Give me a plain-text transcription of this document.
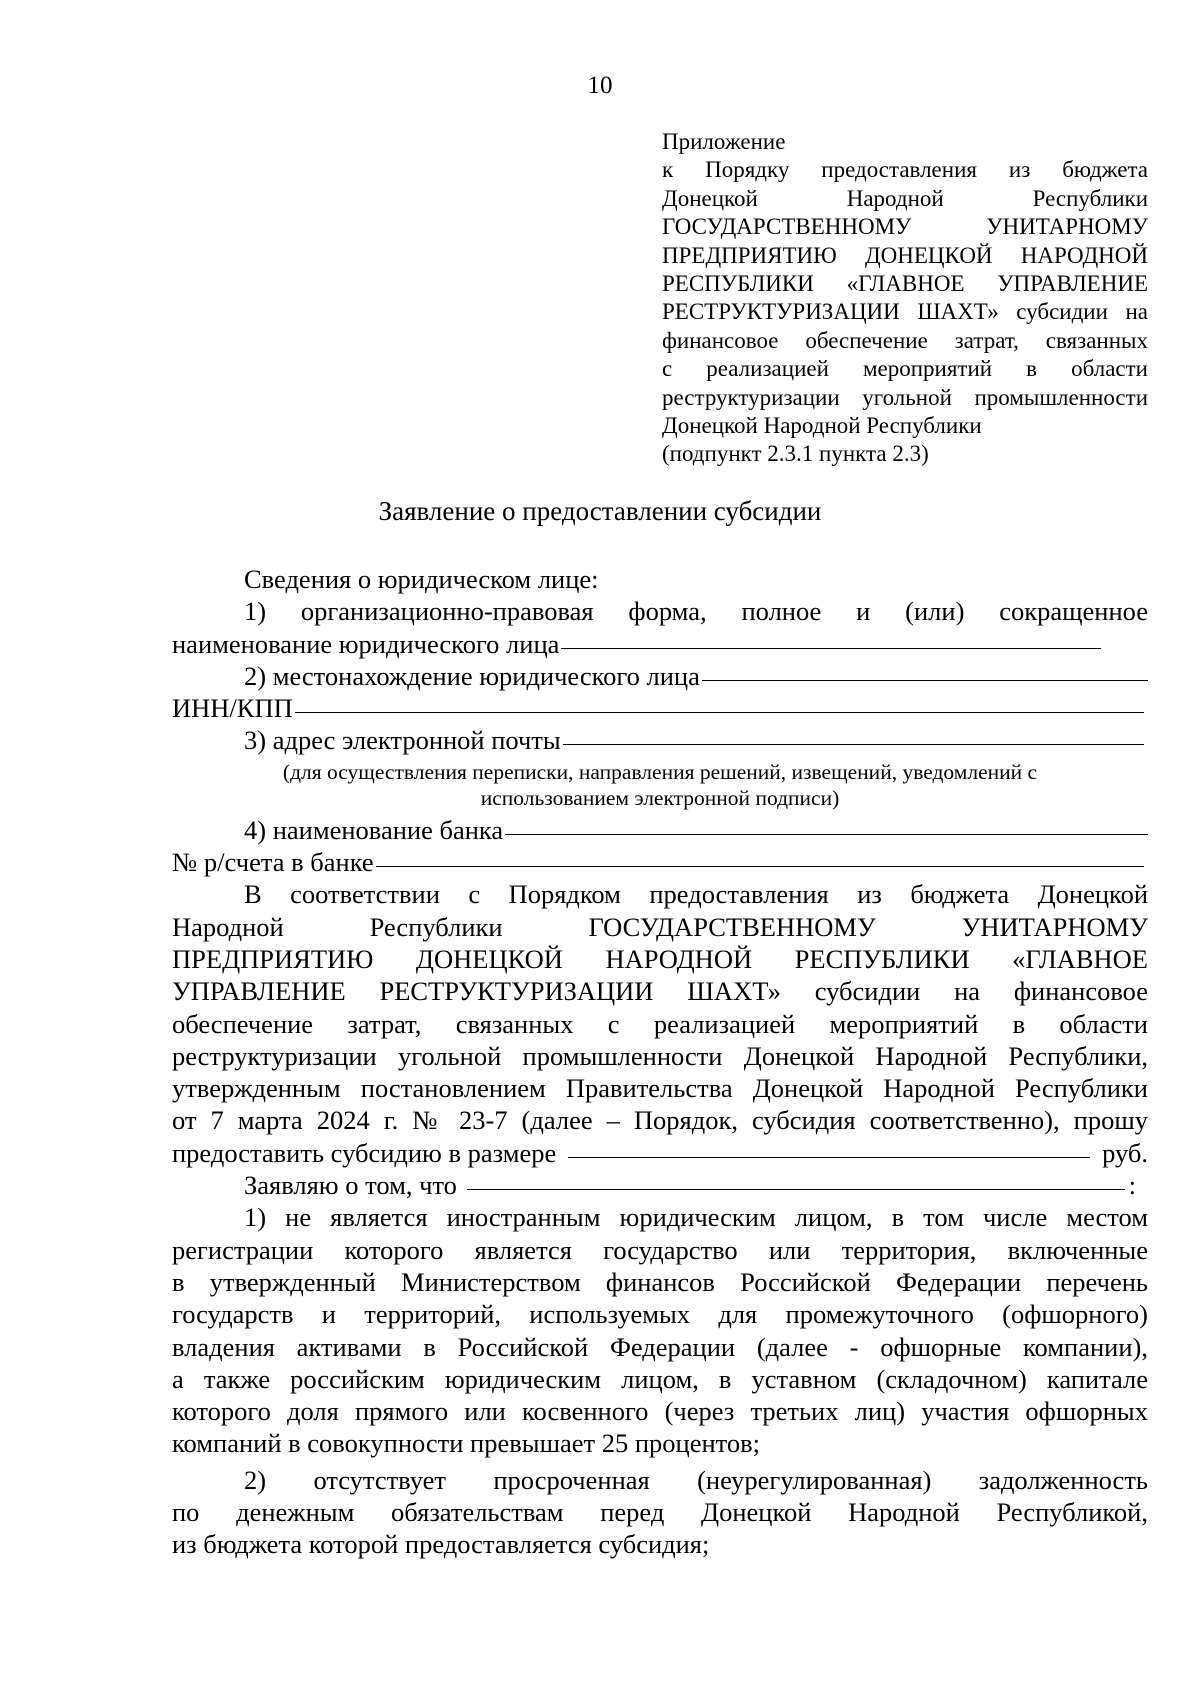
10
Приложение
к Порядку предоставления из бюджета
Донецкой Народной Республики
ГОСУДАРСТВЕННОМУ УНИТАРНОМУ
ПРЕДПРИЯТИЮ ДОНЕЦКОЙ НАРОДНОЙ
РЕСПУБЛИКИ «ГЛАВНОЕ УПРАВЛЕНИЕ
РЕСТРУКТУРИЗАЦИИ ШАХТ» субсидии на
финансовое обеспечение затрат, связанных
с реализацией мероприятий в области
реструктуризации угольной промышленности
Донецкой Народной Республики
(подпункт 2.3.1 пункта 2.3)
Заявление о предоставлении субсидии
Сведения о юридическом лице:
1) организационно-правовая форма, полное и (или) сокращенное
наименование юридического лица
2) местонахождение юридического лица
ИНН/КПП
3) адрес электронной почты
(для осуществления переписки, направления решений, извещений, уведомлений с
использованием электронной подписи)
4) наименование банка
№ р/счета в банке
В соответствии с Порядком предоставления из бюджета Донецкой
Народной Республики ГОСУДАРСТВЕННОМУ УНИТАРНОМУ
ПРЕДПРИЯТИЮ ДОНЕЦКОЙ НАРОДНОЙ РЕСПУБЛИКИ «ГЛАВНОЕ
УПРАВЛЕНИЕ РЕСТРУКТУРИЗАЦИИ ШАХТ» субсидии на финансовое
обеспечение затрат, связанных с реализацией мероприятий в области
реструктуризации угольной промышленности Донецкой Народной Республики,
утвержденным постановлением Правительства Донецкой Народной Республики
от 7 марта 2024 г. № 23-7 (далее – Порядок, субсидия соответственно), прошу
предоставить субсидию в размере	руб.
Заявляю о том, что	:
1) не является иностранным юридическим лицом, в том числе местом
регистрации которого является государство или территория, включенные
в утвержденный Министерством финансов Российской Федерации перечень
государств и территорий, используемых для промежуточного (офшорного)
владения активами в Российской Федерации (далее - офшорные компании),
а также российским юридическим лицом, в уставном (складочном) капитале
которого доля прямого или косвенного (через третьих лиц) участия офшорных
компаний в совокупности превышает 25 процентов;
2) отсутствует просроченная (неурегулированная) задолженность
по денежным обязательствам перед Донецкой Народной Республикой,
из бюджета которой предоставляется субсидия;
